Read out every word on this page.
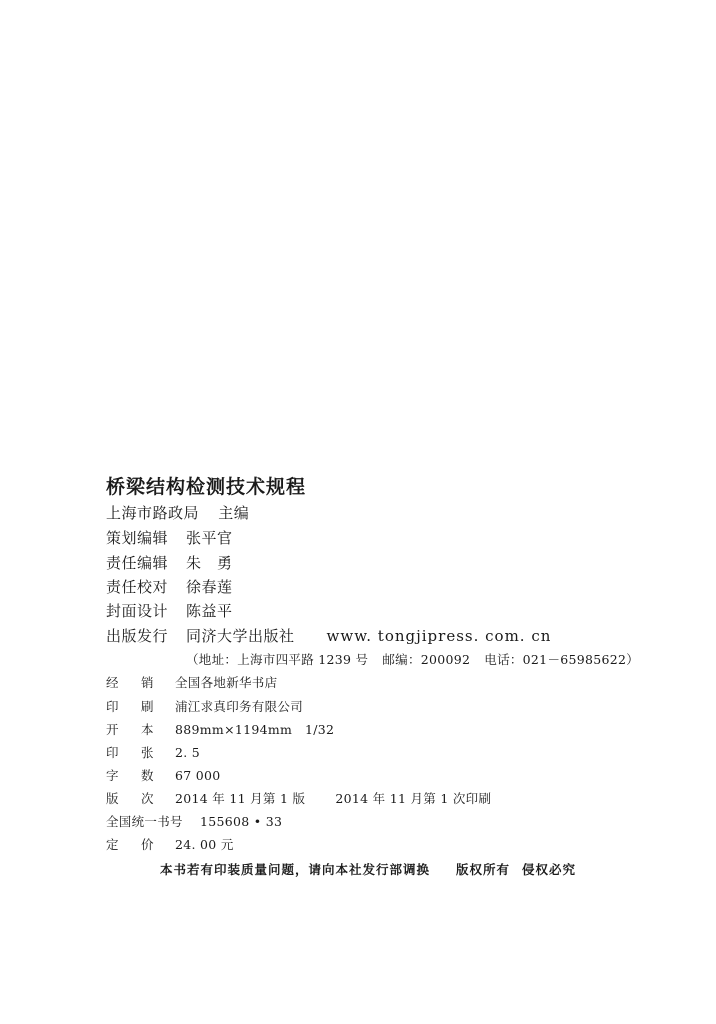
桥梁结构检测技术规程
上海市路政局 主编
策划编辑 张平官
责任编辑 朱　勇
责任校对 徐春莲
封面设计 陈益平
出版发行 同济大学出版社 www. tongjipress. com. cn
（地址：上海市四平路 1239 号 邮编：200092 电话：021－65985622）
经 销 全国各地新华书店
印 刷 浦江求真印务有限公司
开 本 889mm×1194mm　1/32
印 张 2. 5
字 数 67 000
版 次 2014 年 11 月第 1 版 2014 年 11 月第 1 次印刷
全国统一书号 155608 • 33
定 价 24. 00 元
本书若有印装质量问题，请向本社发行部调换 版权所有 侵权必究
